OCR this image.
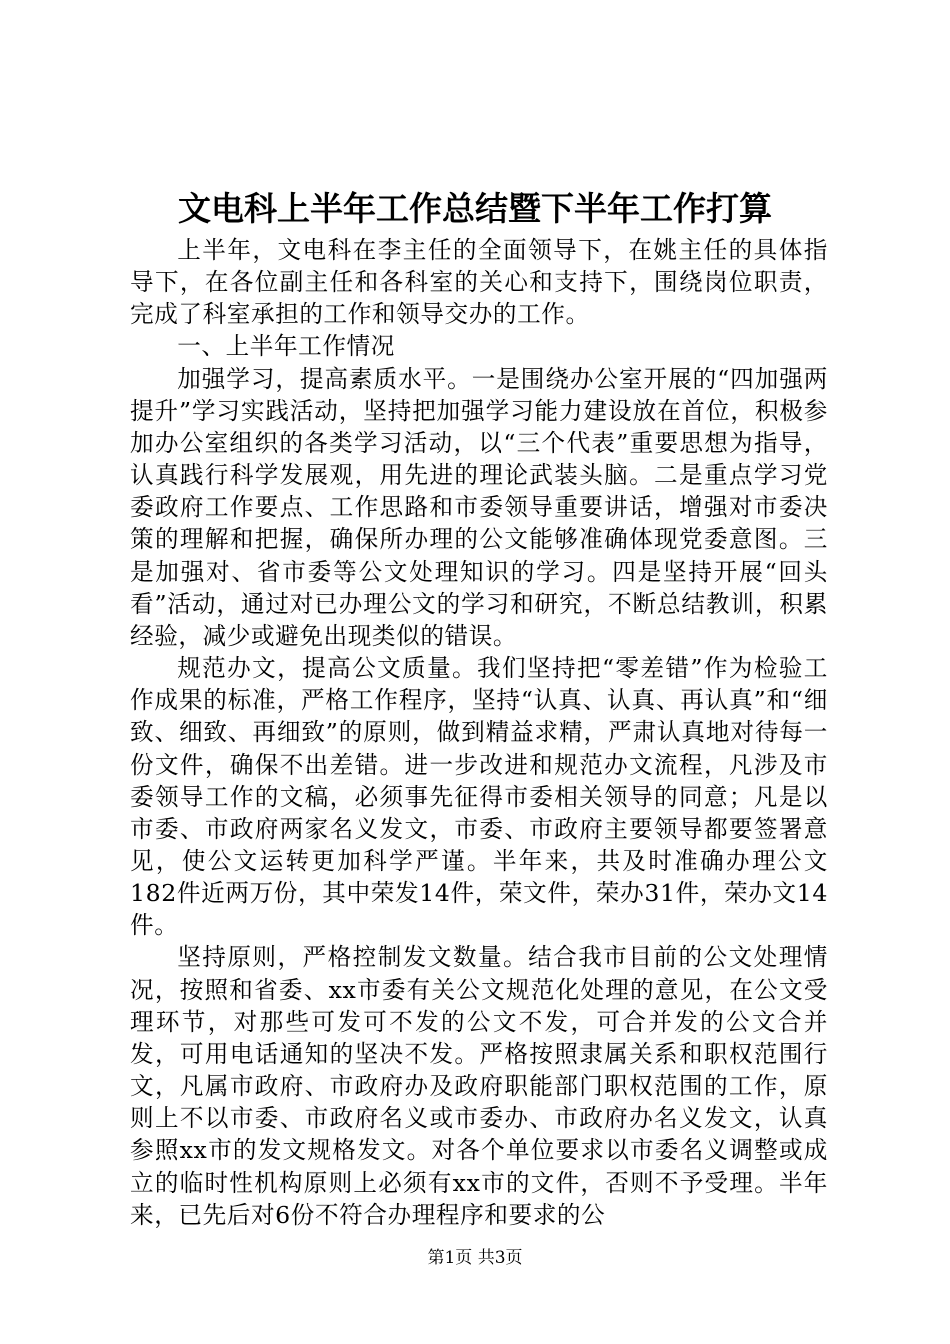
文电科上半年工作总结暨下半年工作打算

上半年，文电科在李主任的全面领导下，在姚主任的具体指导下，在各位副主任和各科室的关心和支持下，围绕岗位职责，完成了科室承担的工作和领导交办的工作。

一、上半年工作情况

加强学习，提高素质水平。一是围绕办公室开展的“四加强两提升”学习实践活动，坚持把加强学习能力建设放在首位，积极参加办公室组织的各类学习活动，以“三个代表”重要思想为指导，认真践行科学发展观，用先进的理论武装头脑。二是重点学习党委政府工作要点、工作思路和市委领导重要讲话，增强对市委决策的理解和把握，确保所办理的公文能够准确体现党委意图。三是加强对、省市委等公文处理知识的学习。四是坚持开展“回头看”活动，通过对已办理公文的学习和研究，不断总结教训，积累经验，减少或避免出现类似的错误。

规范办文，提高公文质量。我们坚持把“零差错”作为检验工作成果的标准，严格工作程序，坚持“认真、认真、再认真”和“细致、细致、再细致”的原则，做到精益求精，严肃认真地对待每一份文件，确保不出差错。进一步改进和规范办文流程，凡涉及市委领导工作的文稿，必须事先征得市委相关领导的同意；凡是以市委、市政府两家名义发文，市委、市政府主要领导都要签署意见，使公文运转更加科学严谨。半年来，共及时准确办理公文182件近两万份，其中荣发14件，荣文件，荣办31件，荣办文14件。

坚持原则，严格控制发文数量。结合我市目前的公文处理情况，按照和省委、xx市委有关公文规范化处理的意见，在公文受理环节，对那些可发可不发的公文不发，可合并发的公文合并发，可用电话通知的坚决不发。严格按照隶属关系和职权范围行文，凡属市政府、市政府办及政府职能部门职权范围的工作，原则上不以市委、市政府名义或市委办、市政府办名义发文，认真参照xx市的发文规格发文。对各个单位要求以市委名义调整或成立的临时性机构原则上必须有xx市的文件，否则不予受理。半年来，已先后对6份不符合办理程序和要求的公

第1页 共3页
